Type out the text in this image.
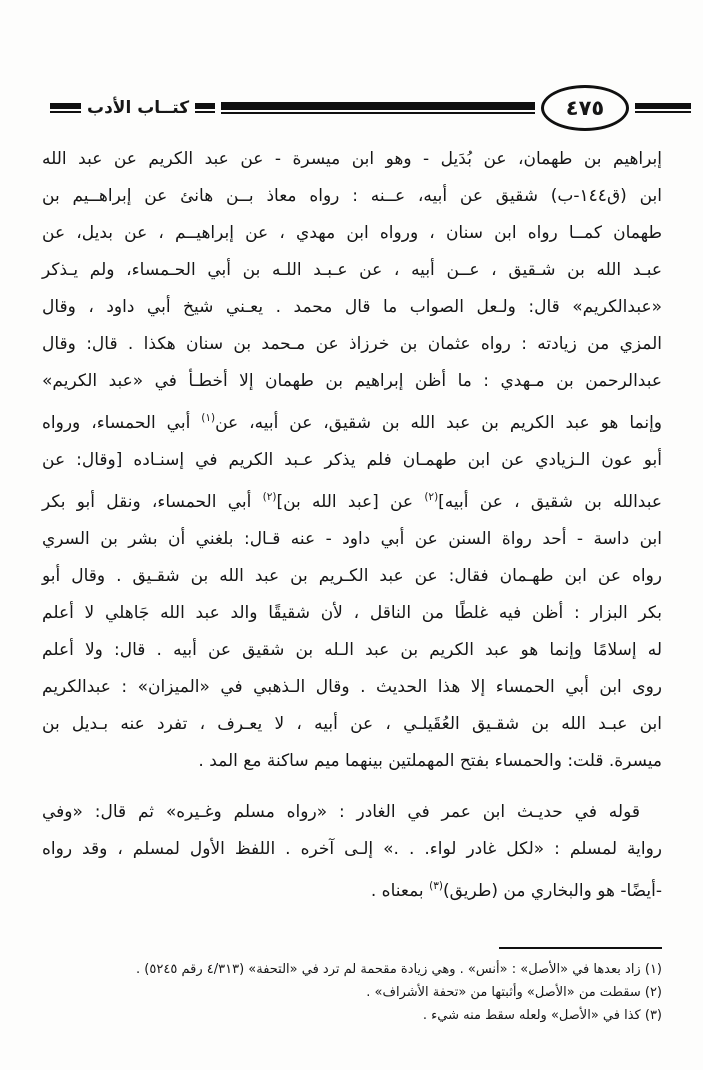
٤٧٥
كتــاب الأدب

إبراهيم بن طهمان، عن بُدَيل - وهو ابن ميسرة - عن عبد الكريم عن عبد الله

ابن (ق١٤٤-ب) شقيق عن أبيه، عــنه : رواه معاذ بــن هانئ عن إبراهــيم بن

طهمان كمــا رواه ابن سنان ، ورواه ابن مهدي ، عن إبراهيــم ، عن بديل، عن

عبـد الله بن شـقيق ، عــن أبيه ، عن عـبـد اللـه بن أبي الحـمساء، ولم يـذكر

«عبدالكريم» قال: ولـعل الصواب ما قال محمد . يعـني شيخ أبي داود ، وقال

المزي من زيادته : رواه عثمان بن خرزاذ عن مـحمد بن سنان هكذا . قال: وقال

عبدالرحمن بن مـهدي : ما أظن إبراهيم بن طهمان إلا أخطـأ في «عبد الكريم»

وإنما هو عبد الكريم بن عبد الله بن شقيق، عن أبيه، عن$^{(١)}$ أبي الحمساء، ورواه

أبو عون الـزيادي عن ابن طهمـان فلم يذكر عـبد الكريم في إسنـاده [وقال: عن

عبدالله بن شقيق ، عن أبيه]$^{(٢)}$ عن [عبد الله بن]$^{(٢)}$ أبي الحمساء، ونقل أبو بكر

ابن داسة - أحد رواة السنن عن أبي داود - عنه قـال: بلغني أن بشر بن السري

رواه عن ابن طهـمان فقال: عن عبد الكـريم بن عبد الله بن شقـيق . وقال أبو

بكر البزار : أظن فيه غلطًا من الناقل ، لأن شقيقًا والد عبد الله جَاهلي لا أعلم

له إسلامًا وإنما هو عبد الكريم بن عبد الـله بن شقيق عن أبيه . قال: ولا أعلم

روى ابن أبي الحمساء إلا هذا الحديث . وقال الـذهبي في «الميزان» : عبدالكريم

ابن عبـد الله بن شقـيق العُقَيلـي ، عن أبيه ، لا يعـرف ، تفرد عنه بـديل بن

ميسرة. قلت: والحمساء بفتح المهملتين بينهما ميم ساكنة مع المد .

قوله في حديـث ابن عمر في الغادر : «رواه مسلم وغـيره» ثم قال: «وفي

رواية لمسلم : «لكل غادر لواء. . .» إلـى آخره . اللفظ الأول لمسلم ، وقد رواه

-أيضًا- هو والبخاري من (طريق)$^{(٣)}$ بمعناه .

(١) زاد بعدها في «الأصل» : «أنس» . وهي زيادة مقحمة لم ترد في «التحفة» (٤/٣١٣ رقم ٥٢٤٥) .

(٢) سقطت من «الأصل» وأثبتها من «تحفة الأشراف» .

(٣) كذا في «الأصل» ولعله سقط منه شيء .
